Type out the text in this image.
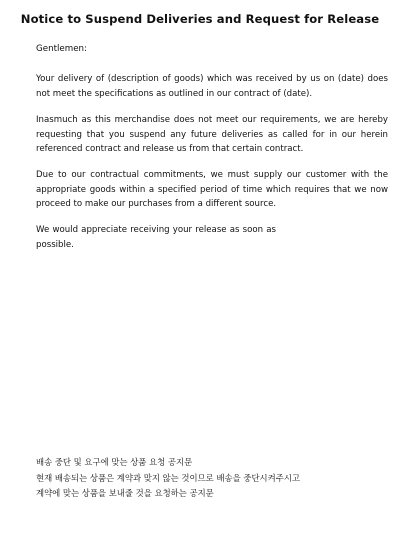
Notice to Suspend Deliveries and Request for Release
Gentlemen:

Your delivery of (description of goods) which was received by us on (date) does not meet the specifications as outlined in our contract of (date).

Inasmuch as this merchandise does not meet our requirements, we are hereby requesting that you suspend any future deliveries as called for in our herein referenced contract and release us from that certain contract.

Due to our contractual commitments, we must supply our customer with the appropriate goods within a specified period of time which requires that we now proceed to make our purchases from a different source.

We would appreciate receiving your release as soon as possible.

배송 중단 및 요구에 맞는 상품 요청 공지문
현재 배송되는 상품은 계약과 맞지 않는 것이므로 배송을 중단시켜주시고
계약에 맞는 상품을 보내줄 것을 요청하는 공지문
